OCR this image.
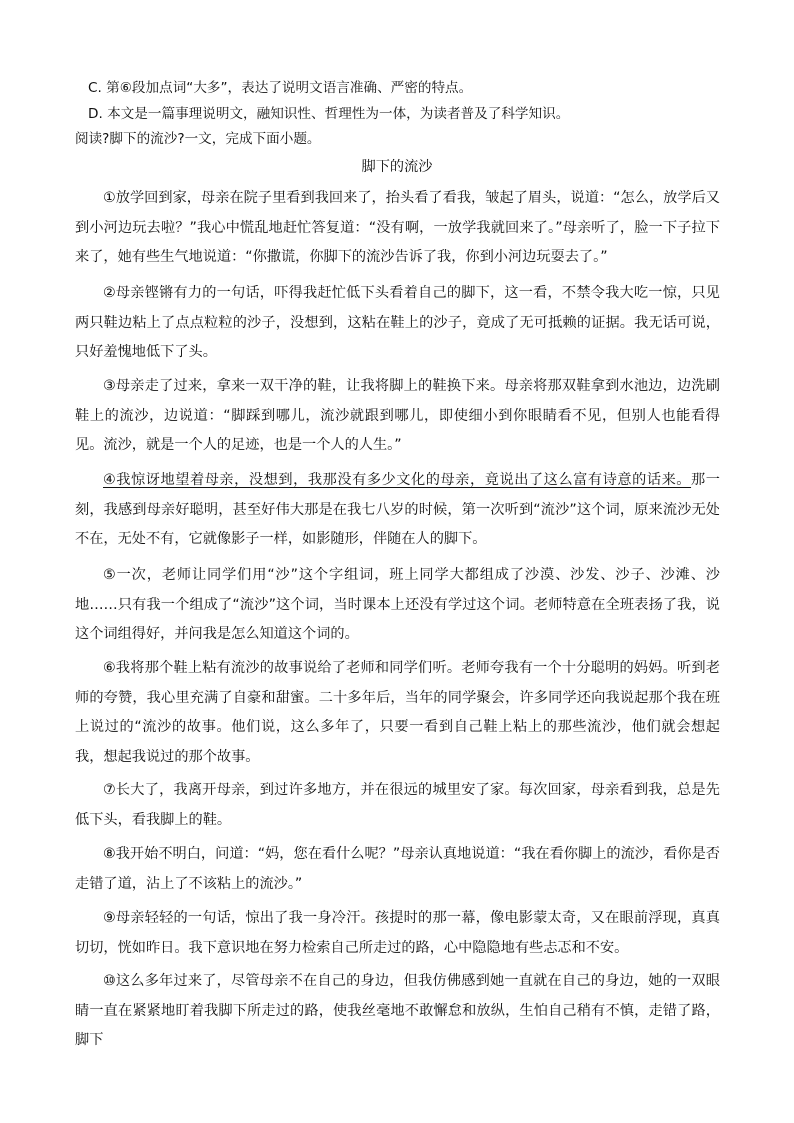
C. 第⑥段加点词“大多”，表达了说明文语言准确、严密的特点。
D. 本文是一篇事理说明文，融知识性、哲理性为一体，为读者普及了科学知识。
阅读?脚下的流沙?一文，完成下面小题。
脚下的流沙

①放学回到家，母亲在院子里看到我回来了，抬头看了看我，皱起了眉头，说道：“怎么，放学后又到小河边玩去啦？”我心中慌乱地赶忙答复道：“没有啊，一放学我就回来了。”母亲听了，脸一下子拉下来了，她有些生气地说道：“你撒谎，你脚下的流沙告诉了我，你到小河边玩耍去了。”

②母亲铿锵有力的一句话，吓得我赶忙低下头看着自己的脚下，这一看，不禁令我大吃一惊，只见两只鞋边粘上了点点粒粒的沙子，没想到，这粘在鞋上的沙子，竟成了无可抵赖的证据。我无话可说，只好羞愧地低下了头。

③母亲走了过来，拿来一双干净的鞋，让我将脚上的鞋换下来。母亲将那双鞋拿到水池边，边洗刷鞋上的流沙，边说道：“脚踩到哪儿，流沙就跟到哪儿，即使细小到你眼睛看不见，但别人也能看得见。流沙，就是一个人的足迹，也是一个人的人生。”

④我惊讶地望着母亲，没想到，我那没有多少文化的母亲，竟说出了这么富有诗意的话来。那一刻，我感到母亲好聪明，甚至好伟大那是在我七八岁的时候，第一次听到“流沙”这个词，原来流沙无处不在，无处不有，它就像影子一样，如影随形，伴随在人的脚下。

⑤一次，老师让同学们用“沙”这个字组词，班上同学大都组成了沙漠、沙发、沙子、沙滩、沙地……只有我一个组成了“流沙”这个词，当时课本上还没有学过这个词。老师特意在全班表扬了我，说这个词组得好，并问我是怎么知道这个词的。

⑥我将那个鞋上粘有流沙的故事说给了老师和同学们听。老师夸我有一个十分聪明的妈妈。听到老师的夸赞，我心里充满了自豪和甜蜜。二十多年后，当年的同学聚会，许多同学还向我说起那个我在班上说过的“流沙的故事。他们说，这么多年了，只要一看到自己鞋上粘上的那些流沙，他们就会想起我，想起我说过的那个故事。

⑦长大了，我离开母亲，到过许多地方，并在很远的城里安了家。每次回家，母亲看到我，总是先低下头，看我脚上的鞋。

⑧我开始不明白，问道：“妈，您在看什么呢？”母亲认真地说道：“我在看你脚上的流沙，看你是否走错了道，沾上了不该粘上的流沙。”

⑨母亲轻轻的一句话，惊出了我一身冷汗。孩提时的那一幕，像电影蒙太奇，又在眼前浮现，真真切切，恍如昨日。我下意识地在努力检索自己所走过的路，心中隐隐地有些忐忑和不安。

⑩这么多年过来了，尽管母亲不在自己的身边，但我仿佛感到她一直就在自己的身边，她的一双眼睛一直在紧紧地盯着我脚下所走过的路，使我丝毫地不敢懈怠和放纵，生怕自己稍有不慎，走错了路，脚下
